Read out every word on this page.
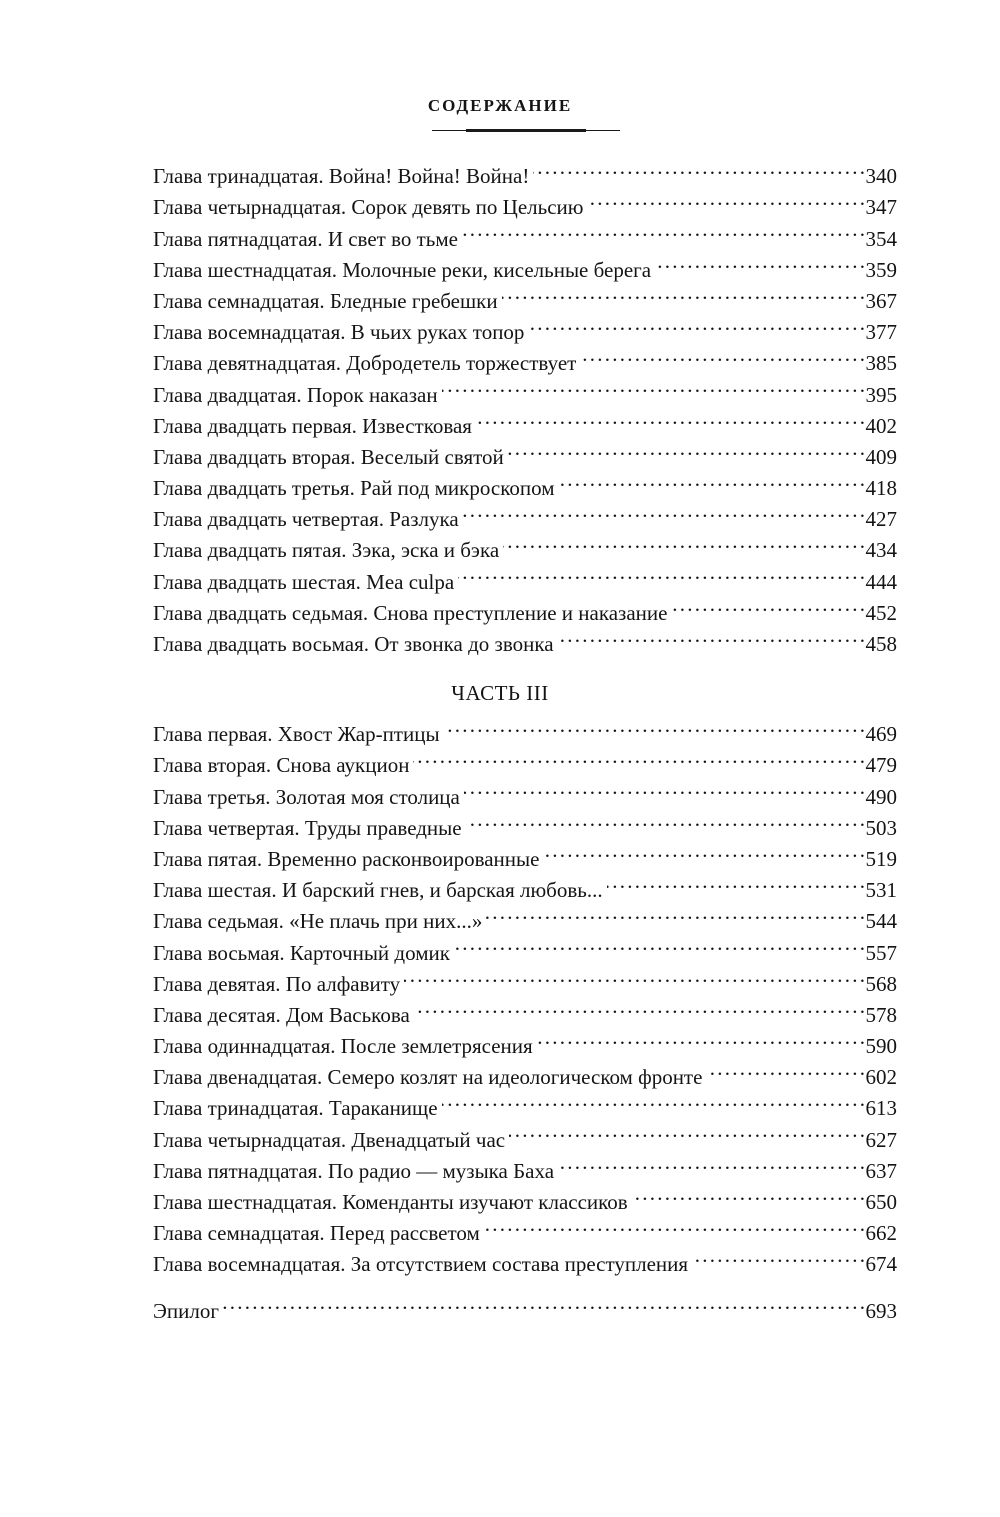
СОДЕРЖАНИЕ
Глава тринадцатая. Война! Война! Война! . . .	340
Глава четырнадцатая. Сорок девять по Цельсию . . .	347
Глава пятнадцатая. И свет во тьме . . .	354
Глава шестнадцатая. Молочные реки, кисельные берега . . .	359
Глава семнадцатая. Бледные гребешки . . .	367
Глава восемнадцатая. В чьих руках топор . . .	377
Глава девятнадцатая. Добродетель торжествует . . .	385
Глава двадцатая. Порок наказан . . .	395
Глава двадцать первая. Известковая . . .	402
Глава двадцать вторая. Веселый святой . . .	409
Глава двадцать третья. Рай под микроскопом . . .	418
Глава двадцать четвертая. Разлука . . .	427
Глава двадцать пятая. Зэка, эска и бэка . . .	434
Глава двадцать шестая. Mea culpa . . .	444
Глава двадцать седьмая. Снова преступление и наказание . . .	452
Глава двадцать восьмая. От звонка до звонка . . .	458
ЧАСТЬ III
Глава первая. Хвост Жар-птицы . . .	469
Глава вторая. Снова аукцион . . .	479
Глава третья. Золотая моя столица . . .	490
Глава четвертая. Труды праведные . . .	503
Глава пятая. Временно расконвоированные . . .	519
Глава шестая. И барский гнев, и барская любовь... . . .	531
Глава седьмая. «Не плачь при них...» . . .	544
Глава восьмая. Карточный домик . . .	557
Глава девятая. По алфавиту . . .	568
Глава десятая. Дом Васькова . . .	578
Глава одиннадцатая. После землетрясения . . .	590
Глава двенадцатая. Семеро козлят на идеологическом фронте . . .	602
Глава тринадцатая. Тараканище . . .	613
Глава четырнадцатая. Двенадцатый час . . .	627
Глава пятнадцатая. По радио — музыка Баха . . .	637
Глава шестнадцатая. Коменданты изучают классиков . . .	650
Глава семнадцатая. Перед рассветом . . .	662
Глава восемнадцатая. За отсутствием состава преступления . . .	674
Эпилог . . .	693
